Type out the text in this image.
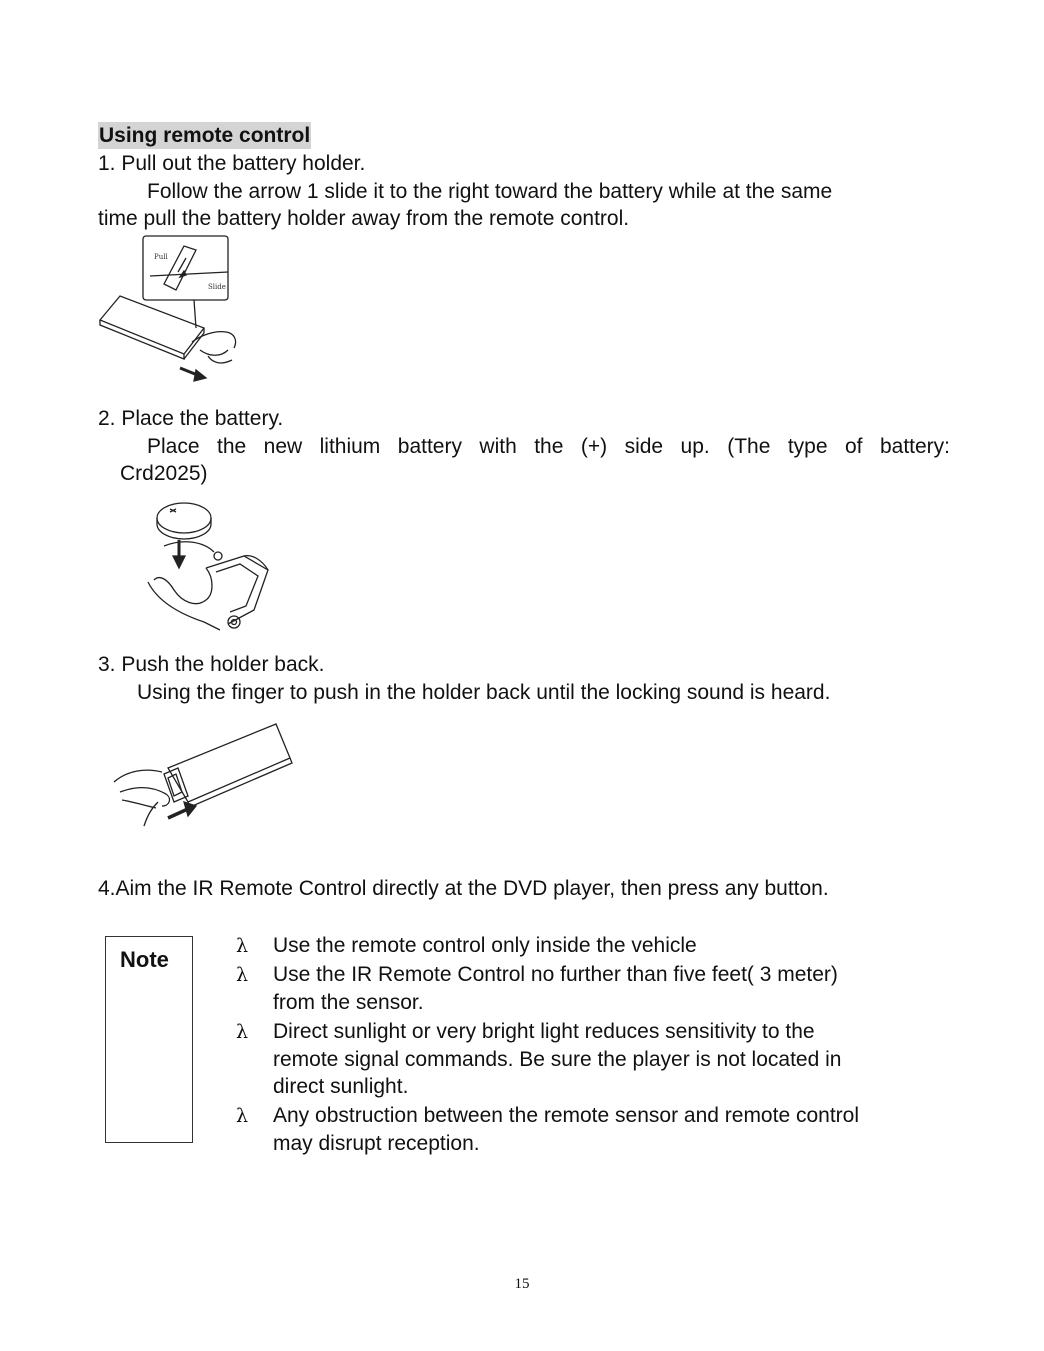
Using remote control
1. Pull out the battery holder.
Follow the arrow 1 slide it to the right toward the battery while at the same
time pull the battery holder away from the remote control.
Pull
Slide
2. Place the battery.
Place the new lithium battery with the (+) side up. (The type of battery:
Crd2025)
3. Push the holder back.
Using the finger to push in the holder back until the locking sound is heard.
4.Aim the IR Remote Control directly at the DVD player, then press any button.
Note
λ Use the remote control only inside the vehicle
λ Use the IR Remote Control no further than five feet( 3 meter)
from the sensor.
λ Direct sunlight or very bright light reduces sensitivity to the
remote signal commands. Be sure the player is not located in
direct sunlight.
λ Any obstruction between the remote sensor and remote control
may disrupt reception.
15
